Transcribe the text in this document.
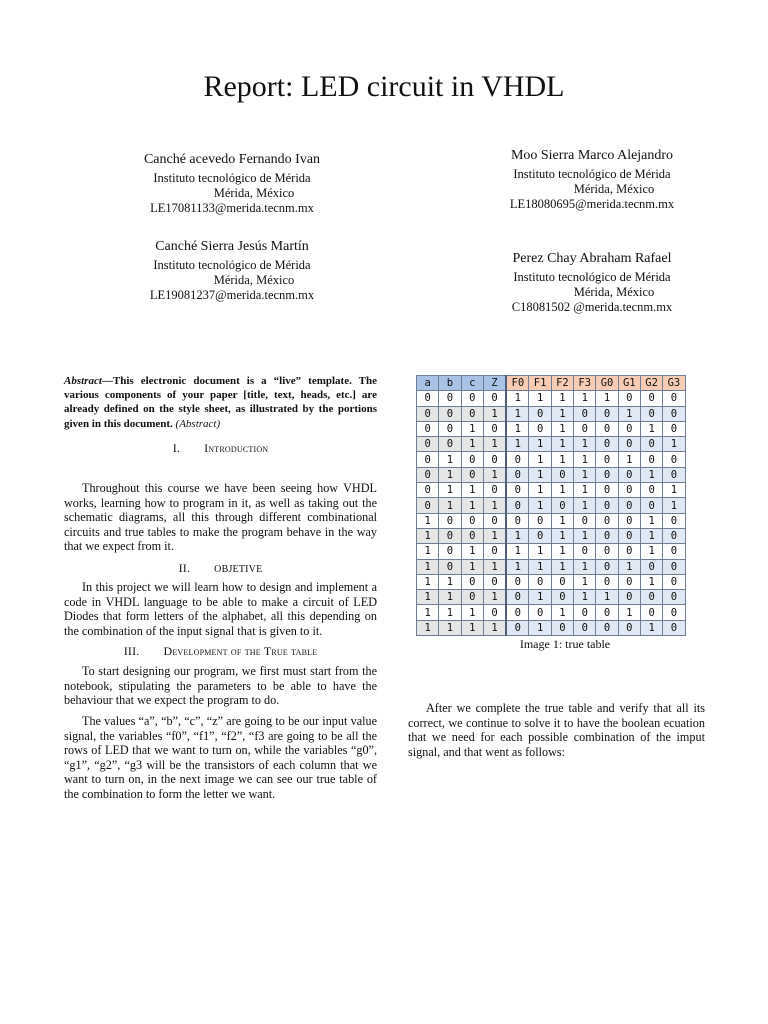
Report: LED circuit in VHDL
Canché acevedo Fernando Ivan
Instituto tecnológico de Mérida
Mérida, México
LE17081133@merida.tecnm.mx
Moo Sierra Marco Alejandro
Instituto tecnológico de Mérida
Mérida, México
LE18080695@merida.tecnm.mx
Canché Sierra Jesús Martín
Instituto tecnológico de Mérida
Mérida, México
LE19081237@merida.tecnm.mx
Perez Chay Abraham Rafael
Instituto tecnológico de Mérida
Mérida, México
C18081502 @merida.tecnm.mx
Abstract—This electronic document is a “live” template. The various components of your paper [title, text, heads, etc.] are already defined on the style sheet, as illustrated by the portions given in this document. (Abstract)
I. Introduction
Throughout this course we have been seeing how VHDL works, learning how to program in it, as well as taking out the schematic diagrams, all this through different combinational circuits and true tables to make the program behave in the way that we expect from it.
II. OBJETIVE
In this project we will learn how to design and implement a code in VHDL language to be able to make a circuit of LED Diodes that form letters of the alphabet, all this depending on the combination of the input signal that is given to it.
III. Development of the True table
To start designing our program, we first must start from the notebook, stipulating the parameters to be able to have the behaviour that we expect the program to do.
The values “a”, “b”, “c”, “z” are going to be our input value signal, the variables “f0”, “f1”, “f2”, “f3 are going to be all the rows of LED that we want to turn on, while the variables “g0”, “g1”, “g2”, “g3 will be the transistors of each column that we want to turn on, in the next image we can see our true table of the combination to form the letter we want.
a	b	c	Z	F0	F1	F2	F3	G0	G1	G2	G3
0	0	0	0	1	1	1	1	1	0	0	0
0	0	0	1	1	0	1	0	0	1	0	0
0	0	1	0	1	0	1	0	0	0	1	0
0	0	1	1	1	1	1	1	0	0	0	1
0	1	0	0	0	1	1	1	0	1	0	0
0	1	0	1	0	1	0	1	0	0	1	0
0	1	1	0	0	1	1	1	0	0	0	1
0	1	1	1	0	1	0	1	0	0	0	1
1	0	0	0	0	0	1	0	0	0	1	0
1	0	0	1	1	0	1	1	0	0	1	0
1	0	1	0	1	1	1	0	0	0	1	0
1	0	1	1	1	1	1	1	0	1	0	0
1	1	0	0	0	0	0	1	0	0	1	0
1	1	0	1	0	1	0	1	1	0	0	0
1	1	1	0	0	0	1	0	0	1	0	0
1	1	1	1	0	1	0	0	0	0	1	0
Image 1: true table
After we complete the true table and verify that all its correct, we continue to solve it to have the boolean ecuation that we need for each possible combination of the imput signal, and that went as follows:
